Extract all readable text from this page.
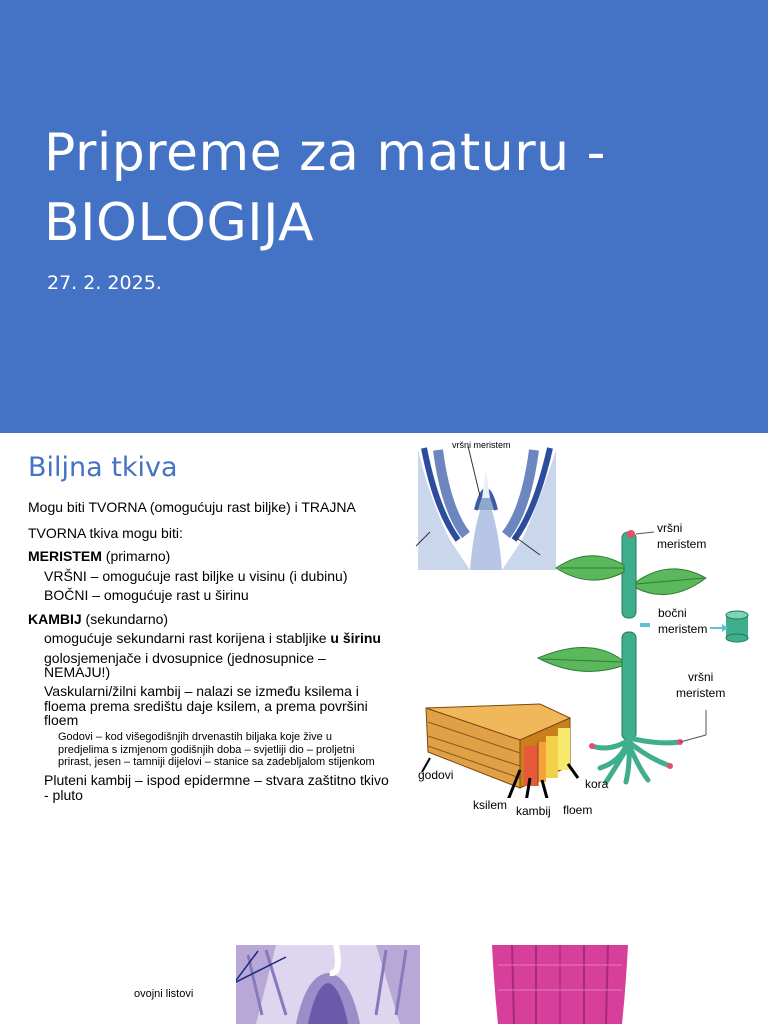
Pripreme za maturu - BIOLOGIJA
27. 2. 2025.
Biljna tkiva
Mogu biti TVORNA (omogućuju rast biljke) i TRAJNA
TVORNA tkiva mogu biti:
MERISTEM (primarno)
VRŠNI – omogućuje rast biljke u visinu (i dubinu)
BOČNI – omogućuje rast u širinu
KAMBIJ (sekundarno)
omogućuje sekundarni rast korijena i stabljike u širinu
golosjemenjače i dvosupnice (jednosupnice –
NEMAJU!)
Vaskularni/žilni kambij – nalazi se između ksilema i
floema prema središtu daje ksilem, a prema površini
floem
Godovi – kod višegodišnjih drvenastih biljaka koje žive u
predjelima s izmjenom godišnjih doba – svjetliji dio – proljetni
prirast, jesen – tamniji dijelovi – stanice sa zadebljalom stijenkom
Pluteni kambij – ispod epidermne – stvara zaštitno tkivo
- pluto
vršni meristem
vršni
meristem
bočni
meristem
vršni
meristem
godovi
kora
ksilem kambij floem
ovojni listovi
